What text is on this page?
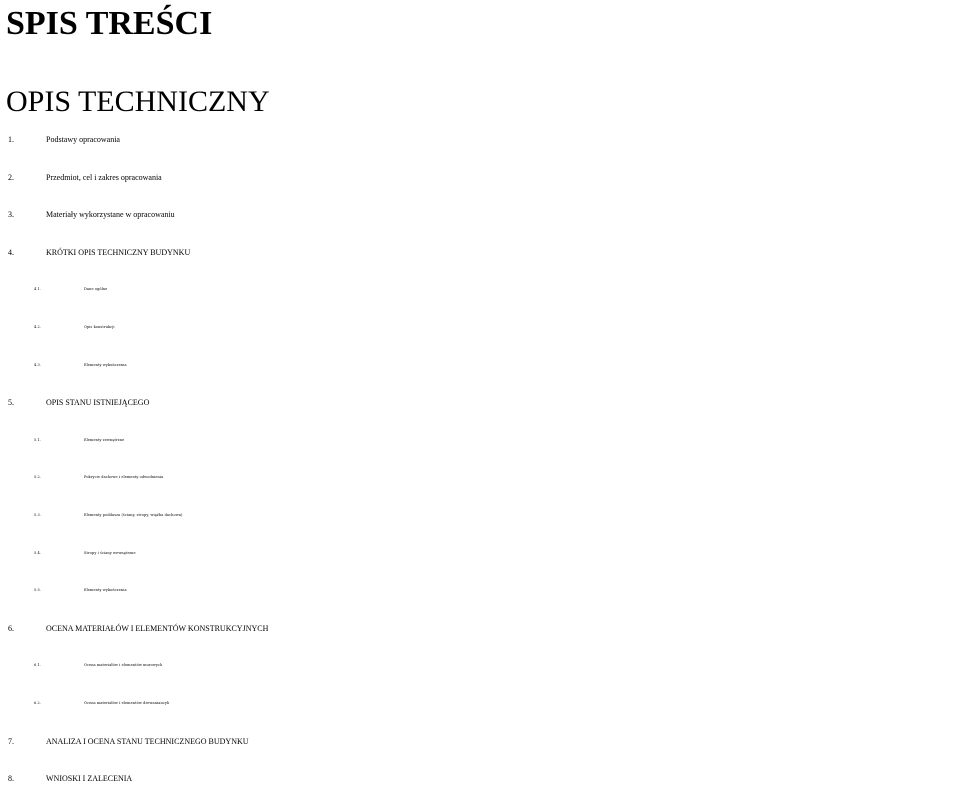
SPIS TREŚCI
OPIS TECHNICZNY
1.	Podstawy opracowania
2.	Przedmiot, cel i zakres opracowania
3.	Materiały wykorzystane w opracowaniu
4.	KRÓTKI OPIS TECHNICZNY BUDYNKU
4.1.	Dane ogólne
4.2.	Opis konstrukcji
4.3.	Elementy wykończenia
5.	OPIS STANU ISTNIEJĄCEGO
5.1.	Elementy zewnętrzne
5.2.	Pokrycie dachowe i elementy odwodnienia
5.3.	Elementy poddasza (ściany, stropy, więźba dachowa)
5.4.	Stropy i ściany wewnętrzne
5.5.	Elementy wykończenia
6.	OCENA MATERIAŁÓW I ELEMENTÓW KONSTRUKCYJNYCH
6.1.	Ocena materiałów i elementów murowych
6.2.	Ocena materiałów i elementów drewaniancyh
7.	ANALIZA I OCENA STANU TECHNICZNEGO BUDYNKU
8.	WNIOSKI I ZALECENIA
